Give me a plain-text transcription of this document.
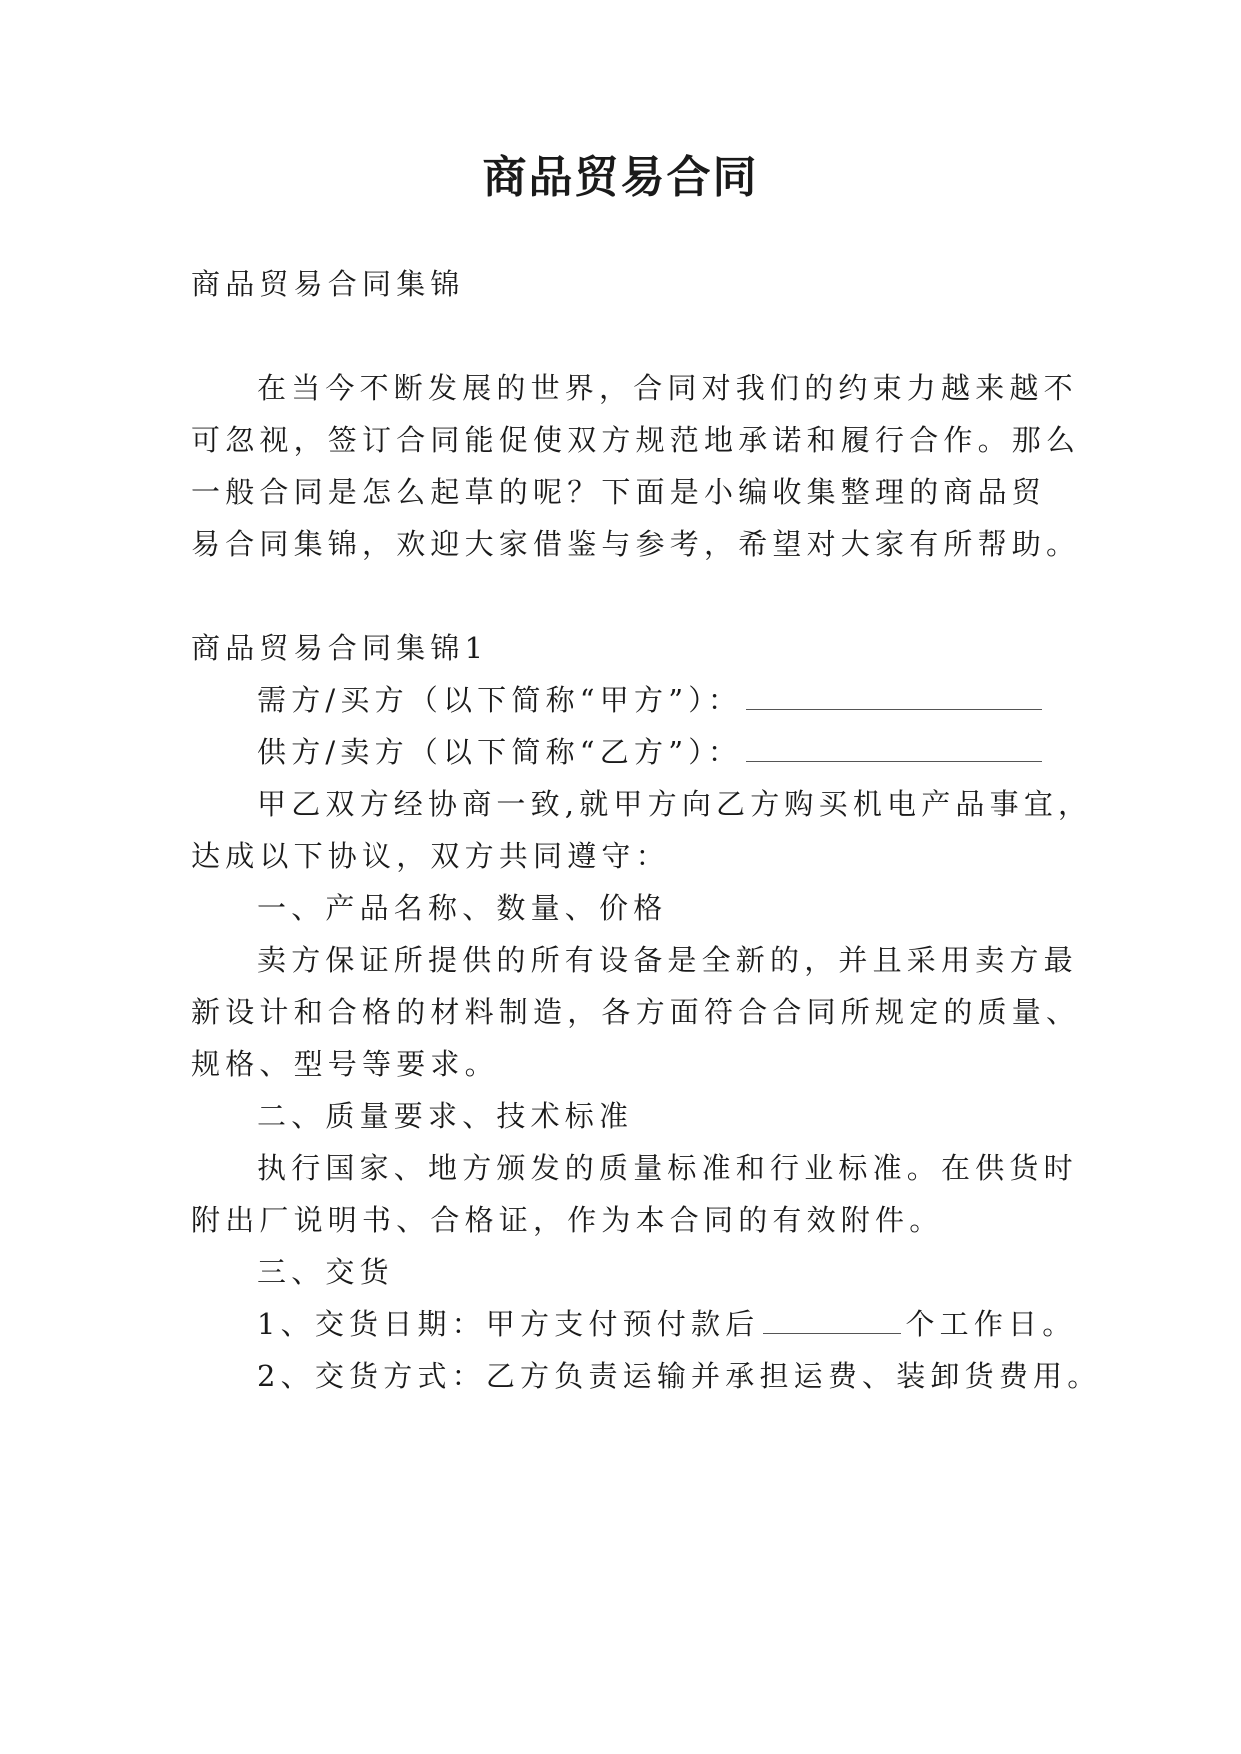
商品贸易合同
商品贸易合同集锦
在当今不断发展的世界，合同对我们的约束力越来越不
可忽视，签订合同能促使双方规范地承诺和履行合作。那么
一般合同是怎么起草的呢？下面是小编收集整理的商品贸
易合同集锦，欢迎大家借鉴与参考，希望对大家有所帮助。
商品贸易合同集锦1
需方/买方（以下简称“甲方”）：
供方/卖方（以下简称“乙方”）：
甲乙双方经协商一致,就甲方向乙方购买机电产品事宜，
达成以下协议，双方共同遵守：
一、产品名称、数量、价格
卖方保证所提供的所有设备是全新的，并且采用卖方最
新设计和合格的材料制造，各方面符合合同所规定的质量、
规格、型号等要求。
二、质量要求、技术标准
执行国家、地方颁发的质量标准和行业标准。在供货时
附出厂说明书、合格证，作为本合同的有效附件。
三、交货
1、交货日期：甲方支付预付款后	个工作日。
2、交货方式：乙方负责运输并承担运费、装卸货费用。
